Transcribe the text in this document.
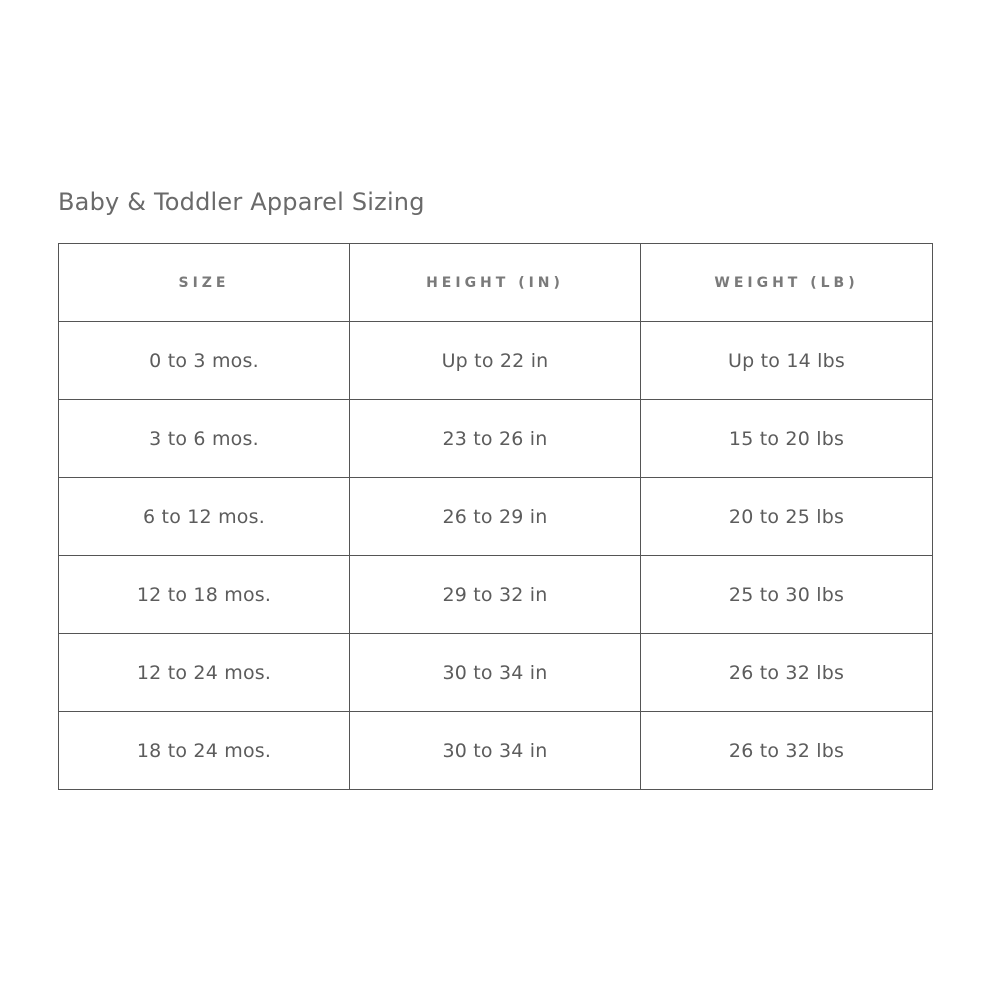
Baby & Toddler Apparel Sizing
SIZE	HEIGHT (IN)	WEIGHT (LB)
0 to 3 mos.	Up to 22 in	Up to 14 lbs
3 to 6 mos.	23 to 26 in	15 to 20 lbs
6 to 12 mos.	26 to 29 in	20 to 25 lbs
12 to 18 mos.	29 to 32 in	25 to 30 lbs
12 to 24 mos.	30 to 34 in	26 to 32 lbs
18 to 24 mos.	30 to 34 in	26 to 32 lbs
